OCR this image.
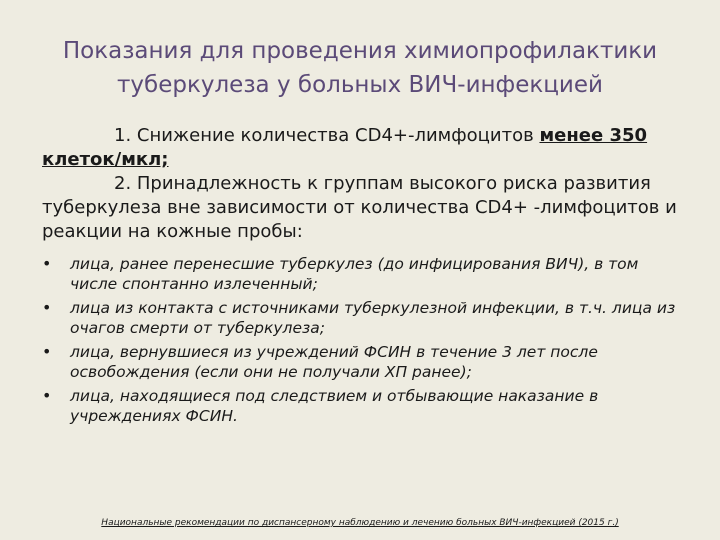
Показания для проведения химиопрофилактики
туберкулеза у больных ВИЧ-инфекцией

1. Снижение количества CD4+-лимфоцитов менее 350 клеток/мкл;

2. Принадлежность к группам высокого риска развития туберкулеза вне зависимости от количества CD4+ -лимфоцитов и реакции на кожные пробы:

• лица, ранее перенесшие туберкулез (до инфицирования ВИЧ), в том числе спонтанно излеченный;
• лица из контакта с источниками туберкулезной инфекции, в т.ч. лица из очагов смерти от туберкулеза;
• лица, вернувшиеся из учреждений ФСИН в течение 3 лет после освобождения (если они не получали ХП ранее);
• лица, находящиеся под следствием и отбывающие наказание в учреждениях ФСИН.
Национальные рекомендации по диспансерному наблюдению и лечению больных ВИЧ-инфекцией (2015 г.)
